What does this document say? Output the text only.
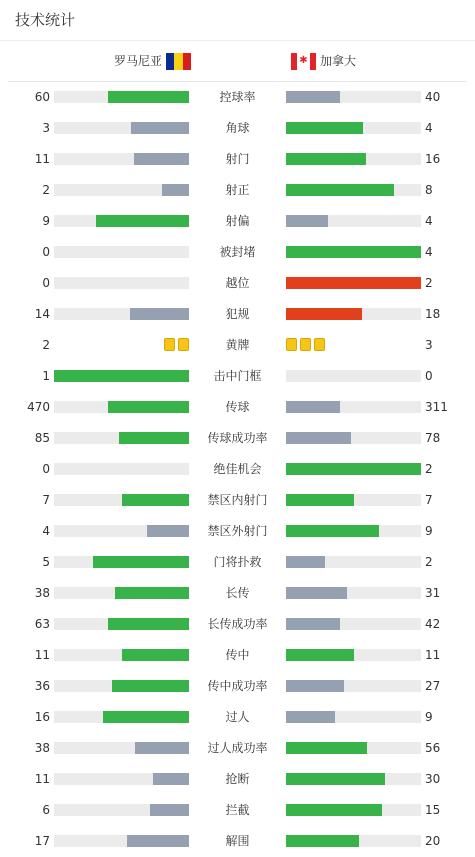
技术统计
罗马尼亚	✱ 加拿大
60	控球率	40
3	角球	4
11	射门	16
2	射正	8
9	射偏	4
0	被封堵	4
0	越位	2
14	犯规	18
2	黄牌	3
1	击中门框	0
470	传球	311
85	传球成功率	78
0	绝佳机会	2
7	禁区内射门	7
4	禁区外射门	9
5	门将扑救	2
38	长传	31
63	长传成功率	42
11	传中	11
36	传中成功率	27
16	过人	9
38	过人成功率	56
11	抢断	30
6	拦截	15
17	解围	20
